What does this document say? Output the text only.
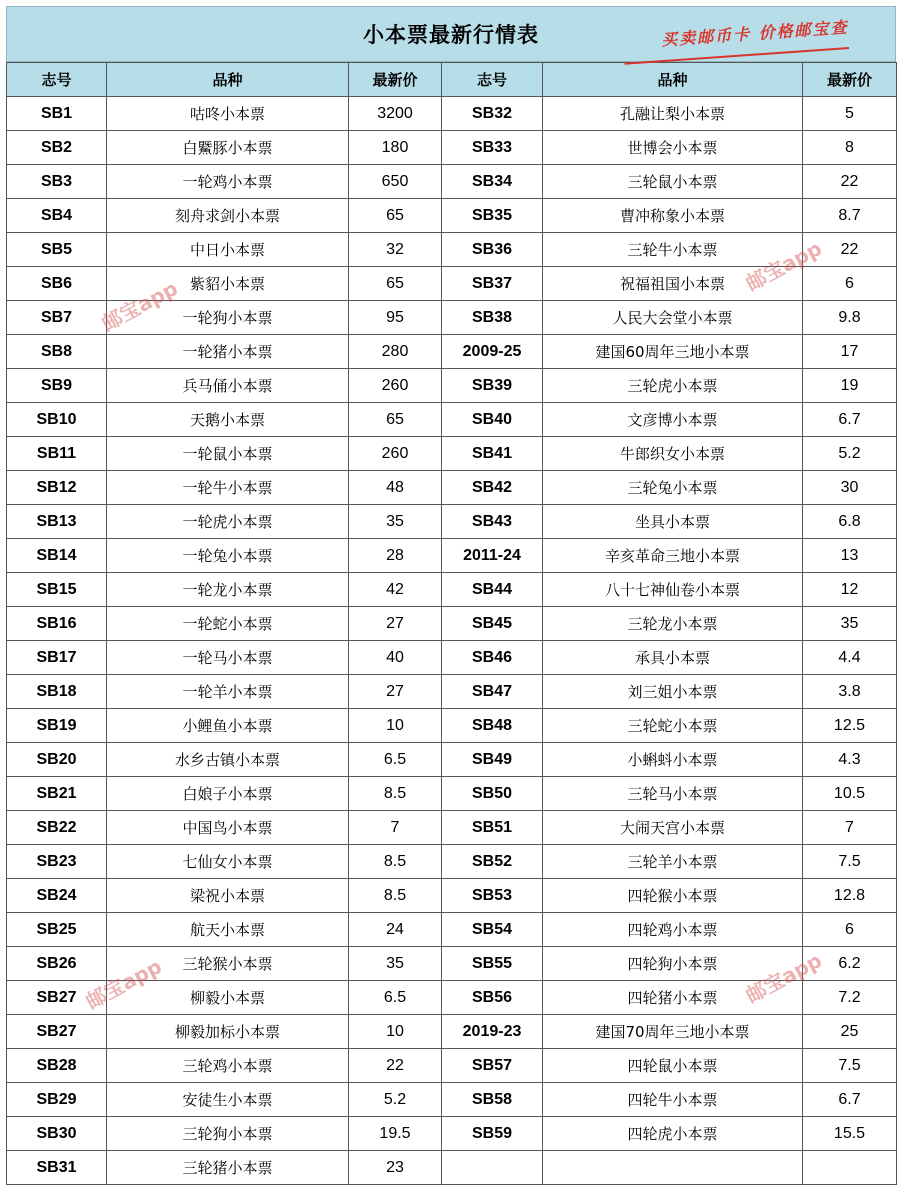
小本票最新行情表	买卖邮币卡 价格邮宝查
志号	品种	最新价	志号	品种	最新价
SB1	咕咚小本票	3200	SB32	孔融让梨小本票	5
SB2	白鱀豚小本票	180	SB33	世博会小本票	8
SB3	一轮鸡小本票	650	SB34	三轮鼠小本票	22
SB4	刻舟求剑小本票	65	SB35	曹冲称象小本票	8.7
SB5	中日小本票	32	SB36	三轮牛小本票	22
SB6	紫貂小本票	65	SB37	祝福祖国小本票	6
SB7	一轮狗小本票	95	SB38	人民大会堂小本票	9.8
SB8	一轮猪小本票	280	2009-25	建国60周年三地小本票	17
SB9	兵马俑小本票	260	SB39	三轮虎小本票	19
SB10	天鹅小本票	65	SB40	文彦博小本票	6.7
SB11	一轮鼠小本票	260	SB41	牛郎织女小本票	5.2
SB12	一轮牛小本票	48	SB42	三轮兔小本票	30
SB13	一轮虎小本票	35	SB43	坐具小本票	6.8
SB14	一轮兔小本票	28	2011-24	辛亥革命三地小本票	13
SB15	一轮龙小本票	42	SB44	八十七神仙卷小本票	12
SB16	一轮蛇小本票	27	SB45	三轮龙小本票	35
SB17	一轮马小本票	40	SB46	承具小本票	4.4
SB18	一轮羊小本票	27	SB47	刘三姐小本票	3.8
SB19	小鲤鱼小本票	10	SB48	三轮蛇小本票	12.5
SB20	水乡古镇小本票	6.5	SB49	小蝌蚪小本票	4.3
SB21	白娘子小本票	8.5	SB50	三轮马小本票	10.5
SB22	中国鸟小本票	7	SB51	大闹天宫小本票	7
SB23	七仙女小本票	8.5	SB52	三轮羊小本票	7.5
SB24	梁祝小本票	8.5	SB53	四轮猴小本票	12.8
SB25	航天小本票	24	SB54	四轮鸡小本票	6
SB26	三轮猴小本票	35	SB55	四轮狗小本票	6.2
SB27	柳毅小本票	6.5	SB56	四轮猪小本票	7.2
SB27	柳毅加标小本票	10	2019-23	建国70周年三地小本票	25
SB28	三轮鸡小本票	22	SB57	四轮鼠小本票	7.5
SB29	安徒生小本票	5.2	SB58	四轮牛小本票	6.7
SB30	三轮狗小本票	19.5	SB59	四轮虎小本票	15.5
SB31	三轮猪小本票	23			
邮宝app
邮宝app
邮宝app	邮宝app
